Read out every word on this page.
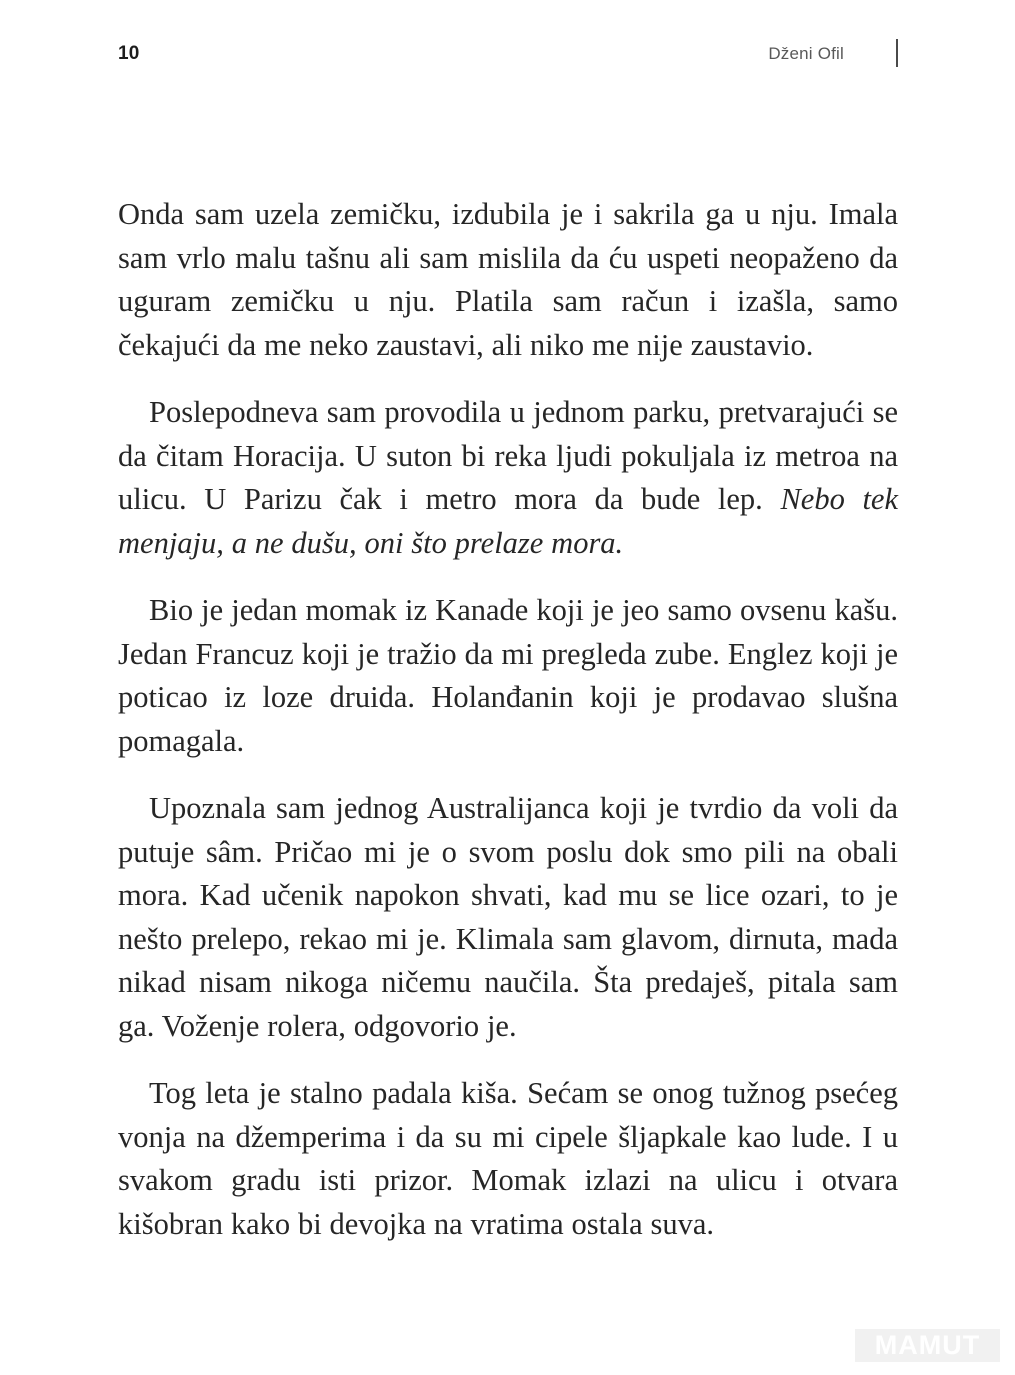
10	Dženi Ofil

Onda sam uzela zemičku, izdubila je i sakrila ga u nju. Imala sam vrlo malu tašnu ali sam mislila da ću uspeti neopaženo da uguram zemičku u nju. Platila sam račun i izašla, samo čekajući da me neko zaustavi, ali niko me nije zaustavio.

Poslepodneva sam provodila u jednom parku, pretvarajući se da čitam Horacija. U suton bi reka ljudi pokuljala iz metroa na ulicu. U Parizu čak i metro mora da bude lep. Nebo tek menjaju, a ne dušu, oni što prelaze mora.

Bio je jedan momak iz Kanade koji je jeo samo ovsenu kašu. Jedan Francuz koji je tražio da mi pregleda zube. Englez koji je poticao iz loze druida. Holanđanin koji je prodavao slušna pomagala.

Upoznala sam jednog Australijanca koji je tvrdio da voli da putuje sâm. Pričao mi je o svom poslu dok smo pili na obali mora. Kad učenik napokon shvati, kad mu se lice ozari, to je nešto prelepo, rekao mi je. Klimala sam glavom, dirnuta, mada nikad nisam nikoga ničemu naučila. Šta predaješ, pitala sam ga. Voženje rolera, odgovorio je.

Tog leta je stalno padala kiša. Sećam se onog tužnog psećeg vonja na džemperima i da su mi cipele šljapkale kao lude. I u svakom gradu isti prizor. Momak izlazi na ulicu i otvara kišobran kako bi devojka na vratima ostala suva.

MAMUT
